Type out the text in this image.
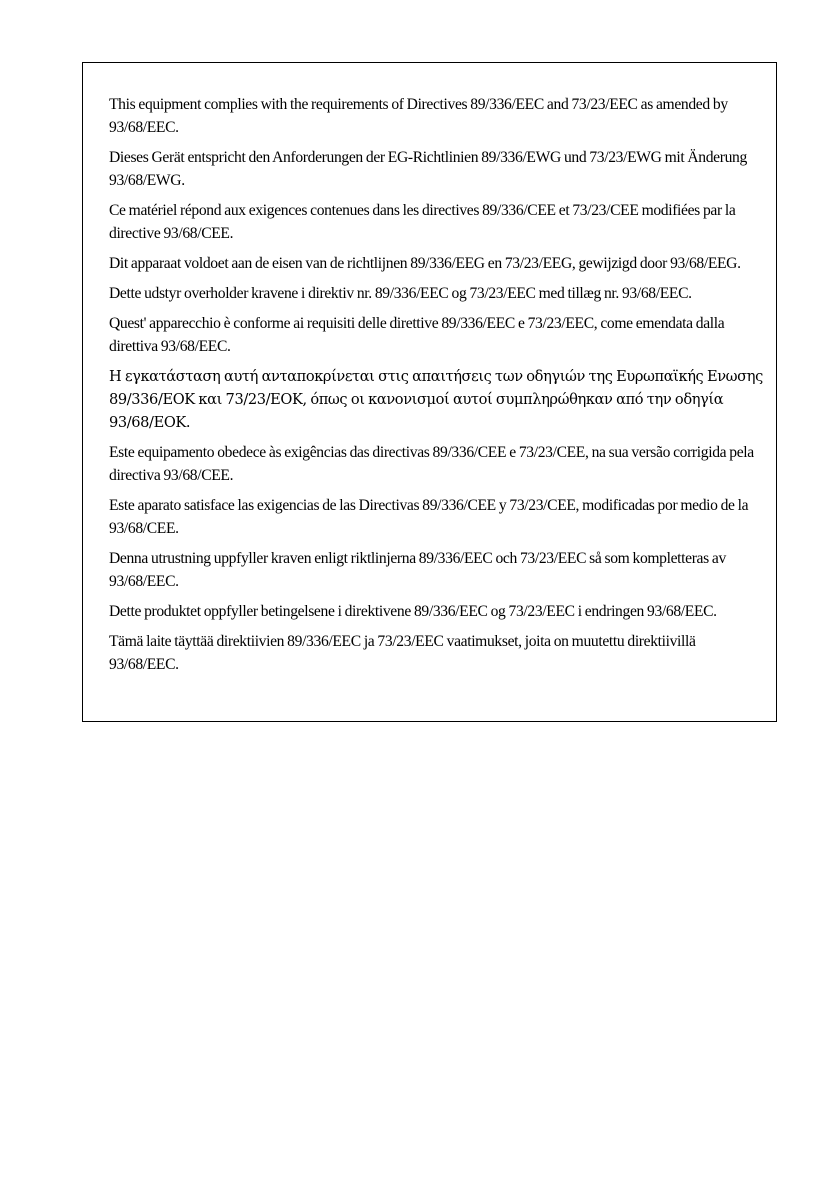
This equipment complies with the requirements of Directives 89/336/EEC and 73/23/EEC as amended by 93/68/EEC.

Dieses Gerät entspricht den Anforderungen der EG-Richtlinien 89/336/EWG und 73/23/EWG mit Änderung 93/68/EWG.

Ce matériel répond aux exigences contenues dans les directives 89/336/CEE et 73/23/CEE modifiées par la directive 93/68/CEE.

Dit apparaat voldoet aan de eisen van de richtlijnen 89/336/EEG en 73/23/EEG, gewijzigd door 93/68/EEG.

Dette udstyr overholder kravene i direktiv nr. 89/336/EEC og 73/23/EEC med tillæg nr. 93/68/EEC.

Quest' apparecchio è conforme ai requisiti delle direttive 89/336/EEC e 73/23/EEC, come emendata dalla direttiva 93/68/EEC.

Η εγκατάσταση αυτή ανταποκρίνεται στις απαιτήσεις των οδηγιών της Ευρωπαϊκής Ενωσης 89/336/ΕΟΚ και 73/23/ΕΟΚ, όπως οι κανονισμοί αυτοί συμπληρώθηκαν από την οδηγία 93/68/ΕΟΚ.

Este equipamento obedece às exigências das directivas 89/336/CEE e 73/23/CEE, na sua versão corrigida pela directiva 93/68/CEE.

Este aparato satisface las exigencias de las Directivas 89/336/CEE y 73/23/CEE, modificadas por medio de la 93/68/CEE.

Denna utrustning uppfyller kraven enligt riktlinjerna 89/336/EEC och 73/23/EEC så som kompletteras av 93/68/EEC.

Dette produktet oppfyller betingelsene i direktivene 89/336/EEC og 73/23/EEC i endringen 93/68/EEC.

Tämä laite täyttää direktiivien 89/336/EEC ja 73/23/EEC vaatimukset, joita on muutettu direktiivillä 93/68/EEC.
